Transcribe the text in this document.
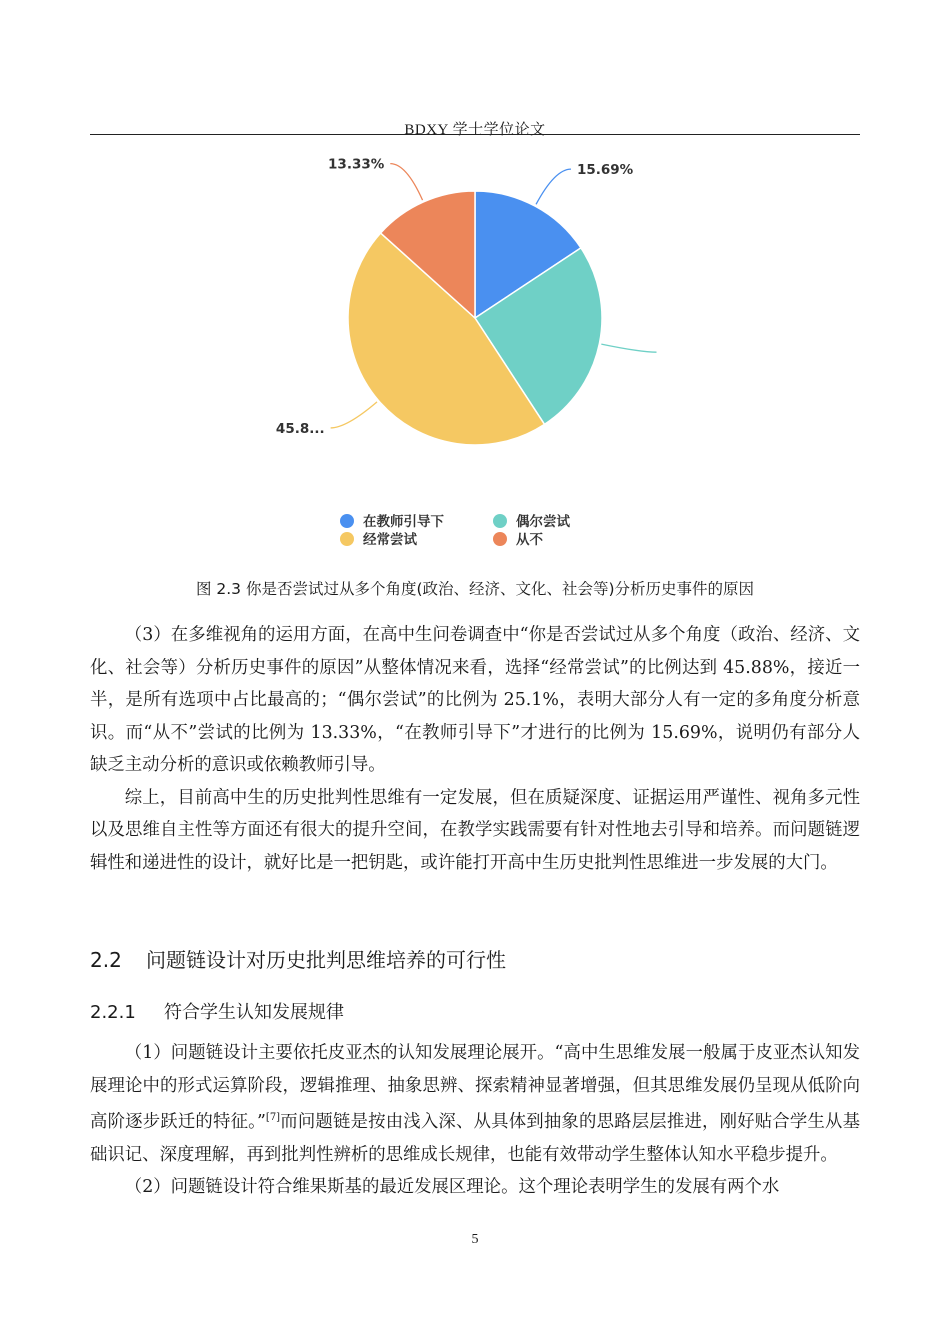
BDXY 学士学位论文
15.69%
45.8...
13.33%
在教师引导下	偶尔尝试
经常尝试	从不
图 2.3 你是否尝试过从多个角度(政治、经济、文化、社会等)分析历史事件的原因

（3）在多维视角的运用方面，在高中生问卷调查中“你是否尝试过从多个角度（政治、经济、文化、社会等）分析历史事件的原因”从整体情况来看，选择“经常尝试”的比例达到 45.88%，接近一半，是所有选项中占比最高的；“偶尔尝试”的比例为 25.1%，表明大部分人有一定的多角度分析意识。而“从不”尝试的比例为 13.33%，“在教师引导下”才进行的比例为 15.69%，说明仍有部分人缺乏主动分析的意识或依赖教师引导。

综上，目前高中生的历史批判性思维有一定发展，但在质疑深度、证据运用严谨性、视角多元性以及思维自主性等方面还有很大的提升空间，在教学实践需要有针对性地去引导和培养。而问题链逻辑性和递进性的设计，就好比是一把钥匙，或许能打开高中生历史批判性思维进一步发展的大门。

2.2 问题链设计对历史批判思维培养的可行性
2.2.1 符合学生认知发展规律

（1）问题链设计主要依托皮亚杰的认知发展理论展开。“高中生思维发展一般属于皮亚杰认知发展理论中的形式运算阶段，逻辑推理、抽象思辨、探索精神显著增强，但其思维发展仍呈现从低阶向高阶逐步跃迁的特征。”[7]而问题链是按由浅入深、从具体到抽象的思路层层推进，刚好贴合学生从基础识记、深度理解，再到批判性辨析的思维成长规律，也能有效带动学生整体认知水平稳步提升。

（2）问题链设计符合维果斯基的最近发展区理论。这个理论表明学生的发展有两个水

5
